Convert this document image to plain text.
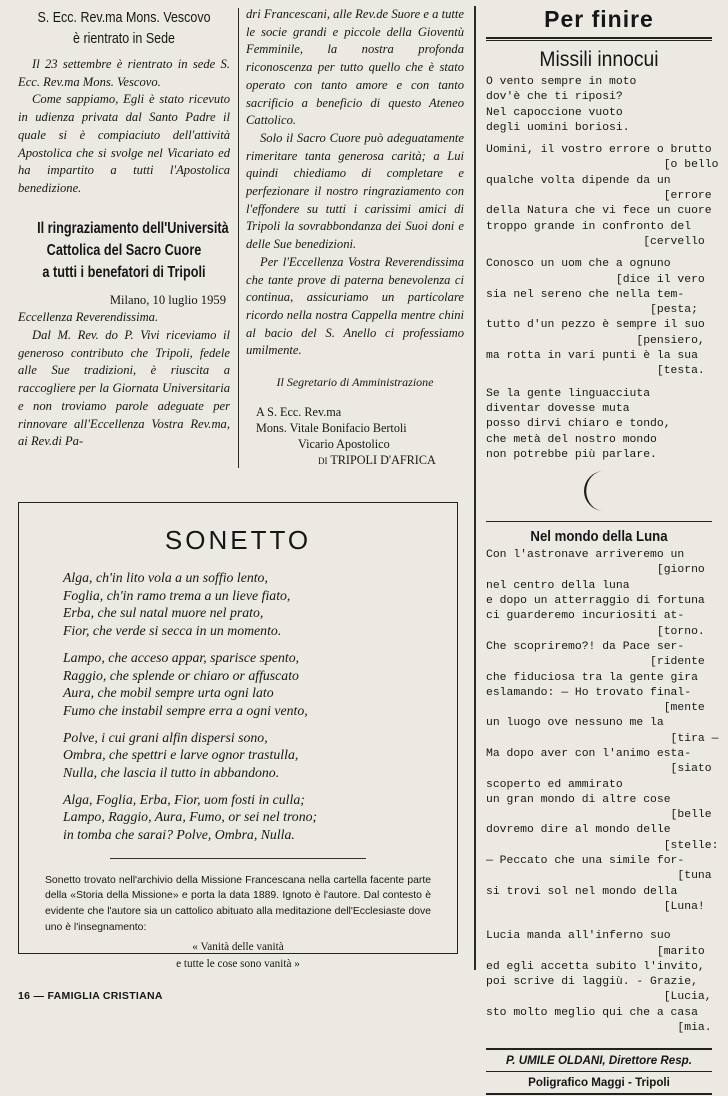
S. Ecc. Rev.ma Mons. Vescovo
è rientrato in Sede

Il 23 settembre è rientrato in sede S. Ecc. Rev.ma Mons. Vescovo.

Come sappiamo, Egli è stato ricevuto in udienza privata dal Santo Padre il quale si è compiaciuto dell'attività Apostolica che si svolge nel Vicariato ed ha impartito a tutti l'Apostolica benedizione.

Il ringraziamento dell'Università
Cattolica del Sacro Cuore
a tutti i benefatori di Tripoli
Milano, 10 luglio 1959

Eccellenza Reverendissima.

Dal M. Rev. do P. Vivi riceviamo il generoso contributo che Tripoli, fedele alle Sue tradizioni, è riuscita a raccogliere per la Giornata Universitaria e non troviamo parole adeguate per rinnovare all'Eccellenza Vostra Rev.ma, ai Rev.di Pa-

dri Francescani, alle Rev.de Suore e a tutte le socie grandi e piccole della Gioventù Femminile, la nostra profonda riconoscenza per tutto quello che è stato operato con tanto amore e con tanto sacrificio a beneficio di questo Ateneo Cattolico.

Solo il Sacro Cuore può adeguatamente rimeritare tanta generosa carità; a Lui quindi chiediamo di completare e perfezionare il nostro ringraziamento con l'effondere su tutti i carissimi amici di Tripoli la sovrabbondanza dei Suoi doni e delle Sue benedizioni.

Per l'Eccellenza Vostra Reverendissima che tante prove di paterna benevolenza ci continua, assicuriamo un particolare ricordo nella nostra Cappella mentre chini al bacio del S. Anello ci professiamo umilmente.

Il Segretario di Amministrazione
A S. Ecc. Rev.ma
Mons. Vitale Bonifacio Bertoli
Vicario Apostolico
di TRIPOLI D'AFRICA
Per finire
Missili innocui
O vento sempre in moto
dov'è che ti riposi?
Nel capoccione vuoto
degli uomini boriosi.

Uomini, il vostro errore o brutto
[o bello
qualche volta dipende da un
[errore
della Natura che vi fece un cuore
troppo grande in confronto del
[cervello

Conosco un uom che a ognuno
[dice il vero
sia nel sereno che nella tem-
[pesta;
tutto d'un pezzo è sempre il suo
[pensiero,
ma rotta in vari punti è la sua
[testa.

Se la gente linguacciuta
diventar dovesse muta
posso dirvi chiaro e tondo,
che metà del nostro mondo
non potrebbe più parlare.
Nel mondo della Luna
Con l'astronave arriveremo un
[giorno
nel centro della luna
e dopo un atterraggio di fortuna
ci guarderemo incuriositi at-
[torno.
Che scopriremo?! da Pace ser-
[ridente
che fiduciosa tra la gente gira
eslamando: — Ho trovato final-
[mente
un luogo ove nessuno me la
[tira —
Ma dopo aver con l'animo esta-
[siato
scoperto ed ammirato
un gran mondo di altre cose
[belle
dovremo dire al mondo delle
[stelle:
— Peccato che una simile for-
[tuna
si trovi sol nel mondo della
[Luna!

Lucia manda all'inferno suo
[marito
ed egli accetta subito l'invito,
poi scrive di laggiù. - Grazie,
[Lucia,
sto molto meglio qui che a casa
[mia.
P. UMILE OLDANI, Direttore Resp.
Poligrafico Maggi - Tripoli
SONETTO
Alga, ch'in lito vola a un soffio lento,
Foglia, ch'in ramo trema a un lieve fiato,
Erba, che sul natal muore nel prato,
Fior, che verde si secca in un momento.
Lampo, che acceso appar, sparisce spento,
Raggio, che splende or chiaro or affuscato
Aura, che mobil sempre urta ogni lato
Fumo che instabil sempre erra a ogni vento,
Polve, i cui grani alfin dispersi sono,
Ombra, che spettri e larve ognor trastulla,
Nulla, che lascia il tutto in abbandono.
Alga, Foglia, Erba, Fior, uom fosti in culla;
Lampo, Raggio, Aura, Fumo, or sei nel trono;
in tomba che sarai? Polve, Ombra, Nulla.

Sonetto trovato nell'archivio della Missione Francescana nella cartella facente parte della «Storia della Missione» e porta la data 1889. Ignoto è l'autore. Dal contesto è evidente che l'autore sia un cattolico abituato alla meditazione dell'Ecclesiaste dove uno è l'insegnamento:

« Vanità delle vanità
e tutte le cose sono vanità »
16 — FAMIGLIA CRISTIANA
